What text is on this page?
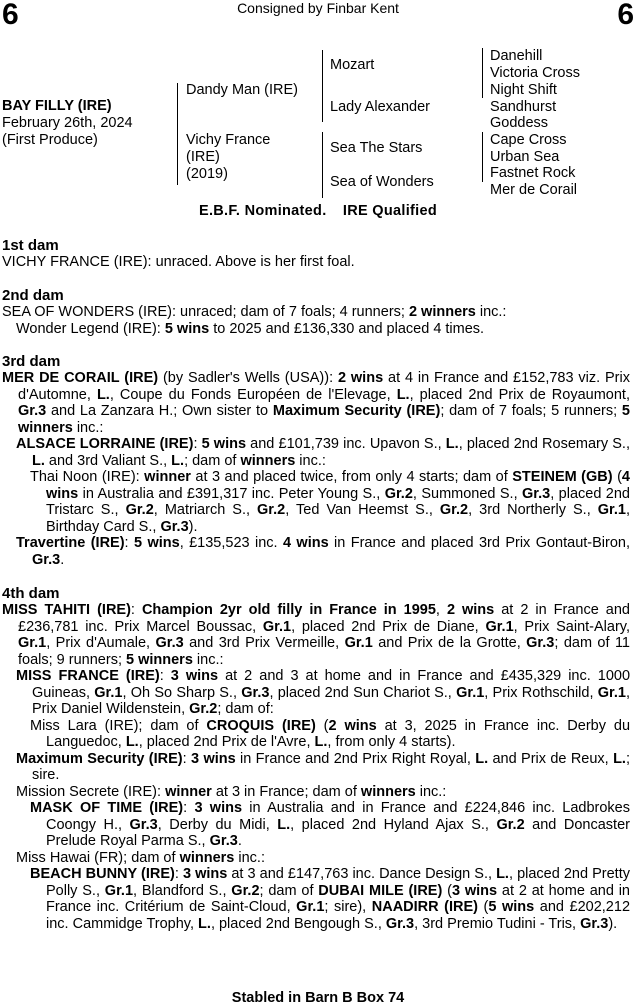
6	Consigned by Finbar Kent	6
BAY FILLY (IRE)
February 26th, 2024
(First Produce)
Dandy Man (IRE)
Vichy France
(IRE)
(2019)
Mozart
Lady Alexander
Sea The Stars
Sea of Wonders
Danehill
Victoria Cross
Night Shift
Sandhurst
Goddess
Cape Cross
Urban Sea
Fastnet Rock
Mer de Corail
E.B.F. Nominated. IRE Qualified
1st dam
VICHY FRANCE (IRE): unraced. Above is her first foal.
2nd dam
SEA OF WONDERS (IRE): unraced; dam of 7 foals; 4 runners; 2 winners inc.:
Wonder Legend (IRE): 5 wins to 2025 and £136,330 and placed 4 times.
3rd dam
MER DE CORAIL (IRE) (by Sadler's Wells (USA)): 2 wins at 4 in France and £152,783 viz. Prix d'Automne, L., Coupe du Fonds Européen de l'Elevage, L., placed 2nd Prix de Royaumont, Gr.3 and La Zanzara H.; Own sister to Maximum Security (IRE); dam of 7 foals; 5 runners; 5 winners inc.:
ALSACE LORRAINE (IRE): 5 wins and £101,739 inc. Upavon S., L., placed 2nd Rosemary S., L. and 3rd Valiant S., L.; dam of winners inc.:
Thai Noon (IRE): winner at 3 and placed twice, from only 4 starts; dam of STEINEM (GB) (4 wins in Australia and £391,317 inc. Peter Young S., Gr.2, Summoned S., Gr.3, placed 2nd Tristarc S., Gr.2, Matriarch S., Gr.2, Ted Van Heemst S., Gr.2, 3rd Northerly S., Gr.1, Birthday Card S., Gr.3).
Travertine (IRE): 5 wins, £135,523 inc. 4 wins in France and placed 3rd Prix Gontaut-Biron, Gr.3.
4th dam
MISS TAHITI (IRE): Champion 2yr old filly in France in 1995, 2 wins at 2 in France and £236,781 inc. Prix Marcel Boussac, Gr.1, placed 2nd Prix de Diane, Gr.1, Prix Saint-Alary, Gr.1, Prix d'Aumale, Gr.3 and 3rd Prix Vermeille, Gr.1 and Prix de la Grotte, Gr.3; dam of 11 foals; 9 runners; 5 winners inc.:
MISS FRANCE (IRE): 3 wins at 2 and 3 at home and in France and £435,329 inc. 1000 Guineas, Gr.1, Oh So Sharp S., Gr.3, placed 2nd Sun Chariot S., Gr.1, Prix Rothschild, Gr.1, Prix Daniel Wildenstein, Gr.2; dam of:
Miss Lara (IRE); dam of CROQUIS (IRE) (2 wins at 3, 2025 in France inc. Derby du Languedoc, L., placed 2nd Prix de l'Avre, L., from only 4 starts).
Maximum Security (IRE): 3 wins in France and 2nd Prix Right Royal, L. and Prix de Reux, L.; sire.
Mission Secrete (IRE): winner at 3 in France; dam of winners inc.:
MASK OF TIME (IRE): 3 wins in Australia and in France and £224,846 inc. Ladbrokes Coongy H., Gr.3, Derby du Midi, L., placed 2nd Hyland Ajax S., Gr.2 and Doncaster Prelude Royal Parma S., Gr.3.
Miss Hawai (FR); dam of winners inc.:
BEACH BUNNY (IRE): 3 wins at 3 and £147,763 inc. Dance Design S., L., placed 2nd Pretty Polly S., Gr.1, Blandford S., Gr.2; dam of DUBAI MILE (IRE) (3 wins at 2 at home and in France inc. Critérium de Saint-Cloud, Gr.1; sire), NAADIRR (IRE) (5 wins and £202,212 inc. Cammidge Trophy, L., placed 2nd Bengough S., Gr.3, 3rd Premio Tudini - Tris, Gr.3).
Stabled in Barn B Box 74
